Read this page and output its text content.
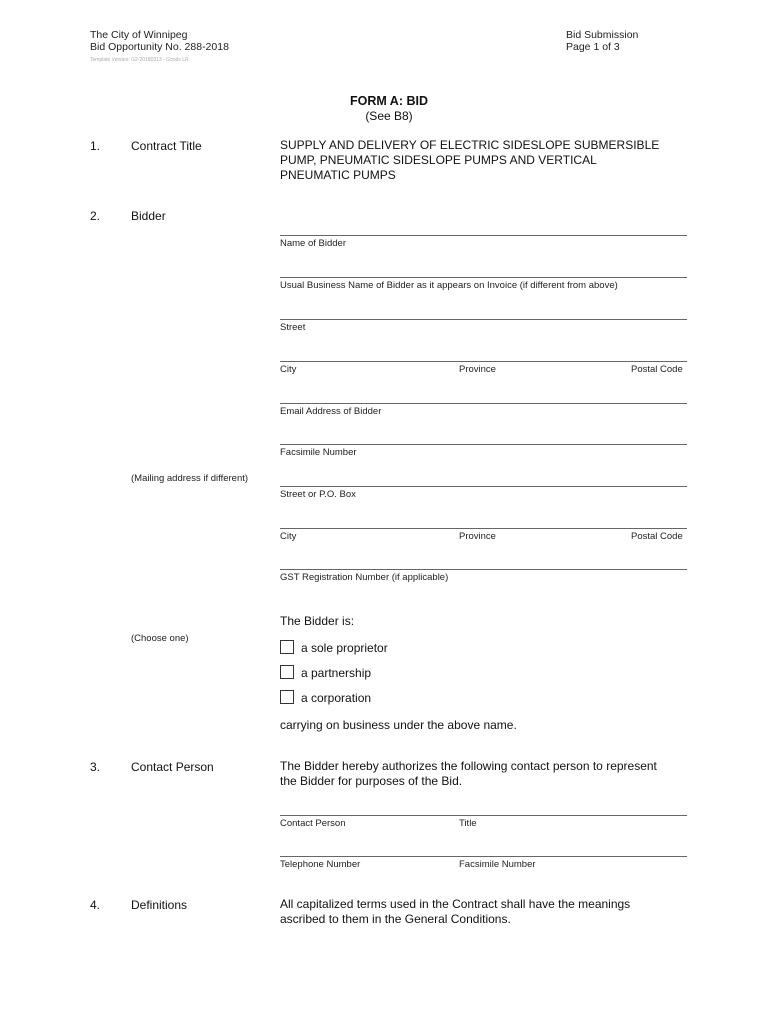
The City of Winnipeg
Bid Opportunity No. 288-2018
Template Version: G2-20180313 - Goods LR
Bid Submission
Page 1 of 3
FORM A: BID
(See B8)
1.	Contract Title	SUPPLY AND DELIVERY OF ELECTRIC SIDESLOPE SUBMERSIBLE
PUMP, PNEUMATIC SIDESLOPE PUMPS AND VERTICAL
PNEUMATIC PUMPS
2.	Bidder
Name of Bidder
Usual Business Name of Bidder as it appears on Invoice (if different from above)
Street
City	Province	Postal Code
Email Address of Bidder
Facsimile Number
(Mailing address if different)
Street or P.O. Box
City	Province	Postal Code
GST Registration Number (if applicable)
The Bidder is:
(Choose one)
a sole proprietor
a partnership
a corporation
carrying on business under the above name.
3.	Contact Person	The Bidder hereby authorizes the following contact person to represent
the Bidder for purposes of the Bid.
Contact Person	Title
Telephone Number	Facsimile Number
4.	Definitions	All capitalized terms used in the Contract shall have the meanings
ascribed to them in the General Conditions.
